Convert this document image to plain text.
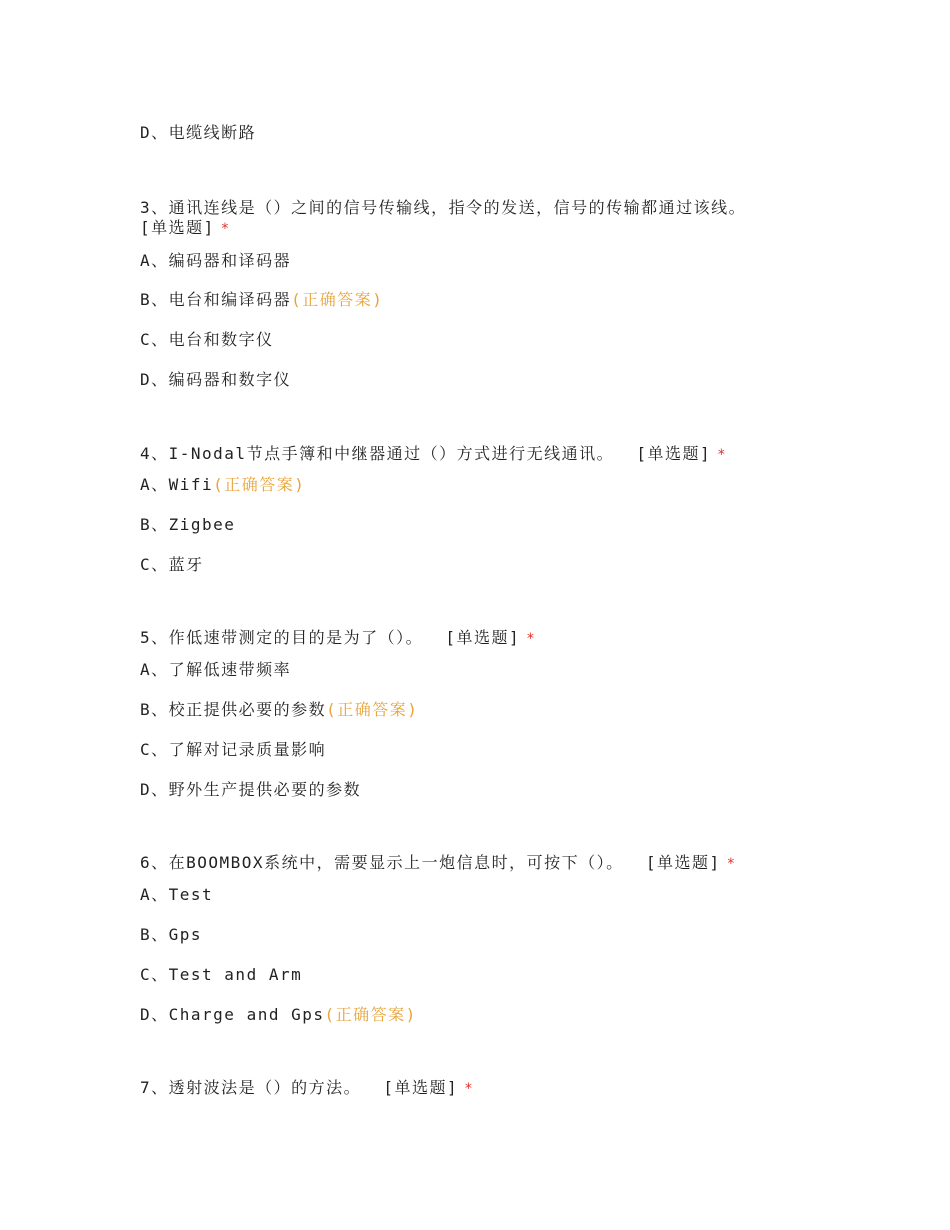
D、电缆线断路
3、通讯连线是（）之间的信号传输线，指令的发送，信号的传输都通过该线。
[单选题] *
A、编码器和译码器
B、电台和编译码器(正确答案)
C、电台和数字仪
D、编码器和数字仪
4、I-Nodal节点手簿和中继器通过（）方式进行无线通讯。 [单选题] *
A、Wifi(正确答案)
B、Zigbee
C、蓝牙
5、作低速带测定的目的是为了（）。 [单选题] *
A、了解低速带频率
B、校正提供必要的参数(正确答案)
C、了解对记录质量影响
D、野外生产提供必要的参数
6、在BOOMBOX系统中，需要显示上一炮信息时，可按下（）。 [单选题] *
A、Test
B、Gps
C、Test and Arm
D、Charge and Gps(正确答案)
7、透射波法是（）的方法。 [单选题] *
